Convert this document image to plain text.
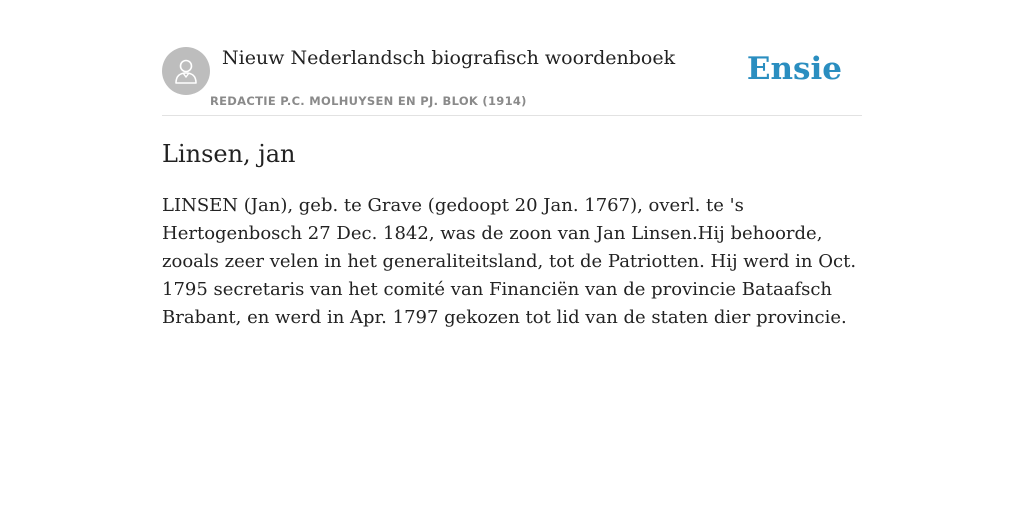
Nieuw Nederlandsch biografisch woordenboek
REDACTIE P.C. MOLHUYSEN EN PJ. BLOK (1914)
Ensie
Linsen, jan

LINSEN (Jan), geb. te Grave (gedoopt 20 Jan. 1767), overl. te 's Hertogenbosch 27 Dec. 1842, was de zoon van Jan Linsen.Hij behoorde, zooals zeer velen in het generaliteitsland, tot de Patriotten. Hij werd in Oct. 1795 secretaris van het comité van Financiën van de provincie Bataafsch Brabant, en werd in Apr. 1797 gekozen tot lid van de staten dier provincie.
